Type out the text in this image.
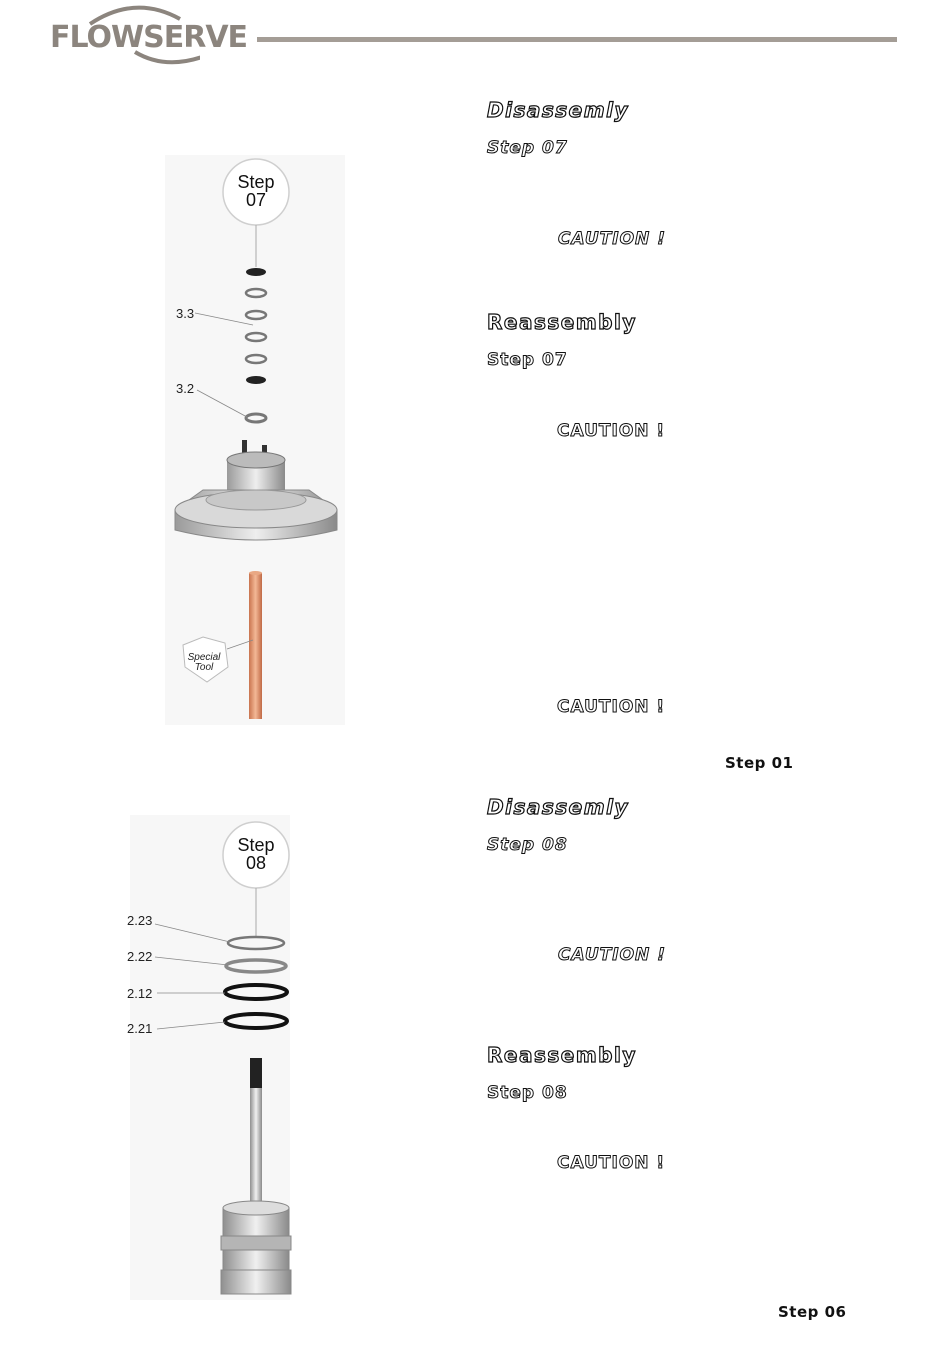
FLOWSERVE
Disassemly
Step 07
CAUTION !
Reassembly
Step 07
CAUTION !
CAUTION !
Step 01
Disassemly
Step 08
CAUTION !
Reassembly
Step 08
CAUTION !
Step 06
Step
07
3.3
3.2
Special
Tool
Step
08
2.23
2.22
2.12
2.21
